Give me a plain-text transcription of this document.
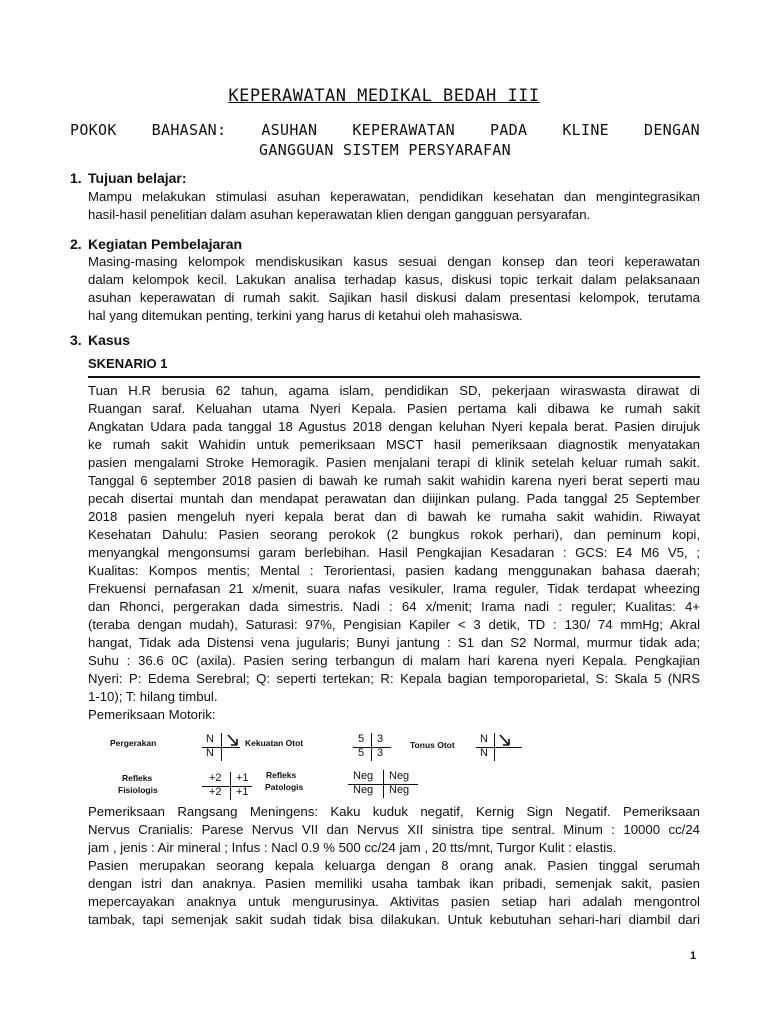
KEPERAWATAN MEDIKAL BEDAH III
POKOK BAHASAN: ASUHAN KEPERAWATAN PADA KLINE DENGAN
GANGGUAN SISTEM PERSYARAFAN
1. Tujuan belajar:
Mampu melakukan stimulasi asuhan keperawatan, pendidikan kesehatan dan mengintegrasikan
hasil-hasil penelitian dalam asuhan keperawatan klien dengan gangguan persyarafan.
2. Kegiatan Pembelajaran
Masing-masing kelompok mendiskusikan kasus sesuai dengan konsep dan teori keperawatan
dalam kelompok kecil. Lakukan analisa terhadap kasus, diskusi topic terkait dalam pelaksanaan
asuhan keperawatan di rumah sakit. Sajikan hasil diskusi dalam presentasi kelompok, terutama
hal yang ditemukan penting, terkini yang harus di ketahui oleh mahasiswa.
3. Kasus
SKENARIO 1
Tuan H.R berusia 62 tahun, agama islam, pendidikan SD, pekerjaan wiraswasta dirawat di
Ruangan saraf. Keluahan utama Nyeri Kepala. Pasien pertama kali dibawa ke rumah sakit
Angkatan Udara pada tanggal 18 Agustus 2018 dengan keluhan Nyeri kepala berat. Pasien dirujuk
ke rumah sakit Wahidin untuk pemeriksaan MSCT hasil pemeriksaan diagnostik menyatakan
pasien mengalami Stroke Hemoragik. Pasien menjalani terapi di klinik setelah keluar rumah sakit.
Tanggal 6 september 2018 pasien di bawah ke rumah sakit wahidin karena nyeri berat seperti mau
pecah disertai muntah dan mendapat perawatan dan diijinkan pulang. Pada tanggal 25 September
2018 pasien mengeluh nyeri kepala berat dan di bawah ke rumaha sakit wahidin. Riwayat
Kesehatan Dahulu: Pasien seorang perokok (2 bungkus rokok perhari), dan peminum kopi,
menyangkal mengonsumsi garam berlebihan. Hasil Pengkajian Kesadaran : GCS: E4 M6 V5, ;
Kualitas: Kompos mentis; Mental : Terorientasi, pasien kadang menggunakan bahasa daerah;
Frekuensi pernafasan 21 x/menit, suara nafas vesikuler, Irama reguler, Tidak terdapat wheezing
dan Rhonci, pergerakan dada simestris. Nadi : 64 x/menit; Irama nadi : reguler; Kualitas: 4+
(teraba dengan mudah), Saturasi: 97%, Pengisian Kapiler < 3 detik, TD : 130/ 74 mmHg; Akral
hangat, Tidak ada Distensi vena jugularis; Bunyi jantung : S1 dan S2 Normal, murmur tidak ada;
Suhu : 36.6 0C (axila). Pasien sering terbangun di malam hari karena nyeri Kepala. Pengkajian
Nyeri: P: Edema Serebral; Q: seperti tertekan; R: Kepala bagian temporoparietal, S: Skala 5 (NRS
1-10); T: hilang timbul.
Pemeriksaan Motorik:
Pergerakan	N
N
Kekuatan Otot	5 3
5 3
Tonus Otot N
N
Refleks
Fisiologis
+2 +1
+2 +1
Refleks
Patologis
Neg Neg
Neg Neg
Pemeriksaan Rangsang Meningens: Kaku kuduk negatif, Kernig Sign Negatif. Pemeriksaan
Nervus Cranialis: Parese Nervus VII dan Nervus XII sinistra tipe sentral. Minum : 10000 cc/24
jam , jenis : Air mineral ; Infus : Nacl 0.9 % 500 cc/24 jam , 20 tts/mnt, Turgor Kulit : elastis.
Pasien merupakan seorang kepala keluarga dengan 8 orang anak. Pasien tinggal serumah
dengan istri dan anaknya. Pasien memiliki usaha tambak ikan pribadi, semenjak sakit, pasien
mepercayakan anaknya untuk mengurusinya. Aktivitas pasien setiap hari adalah mengontrol
tambak, tapi semenjak sakit sudah tidak bisa dilakukan. Untuk kebutuhan sehari-hari diambil dari
1
